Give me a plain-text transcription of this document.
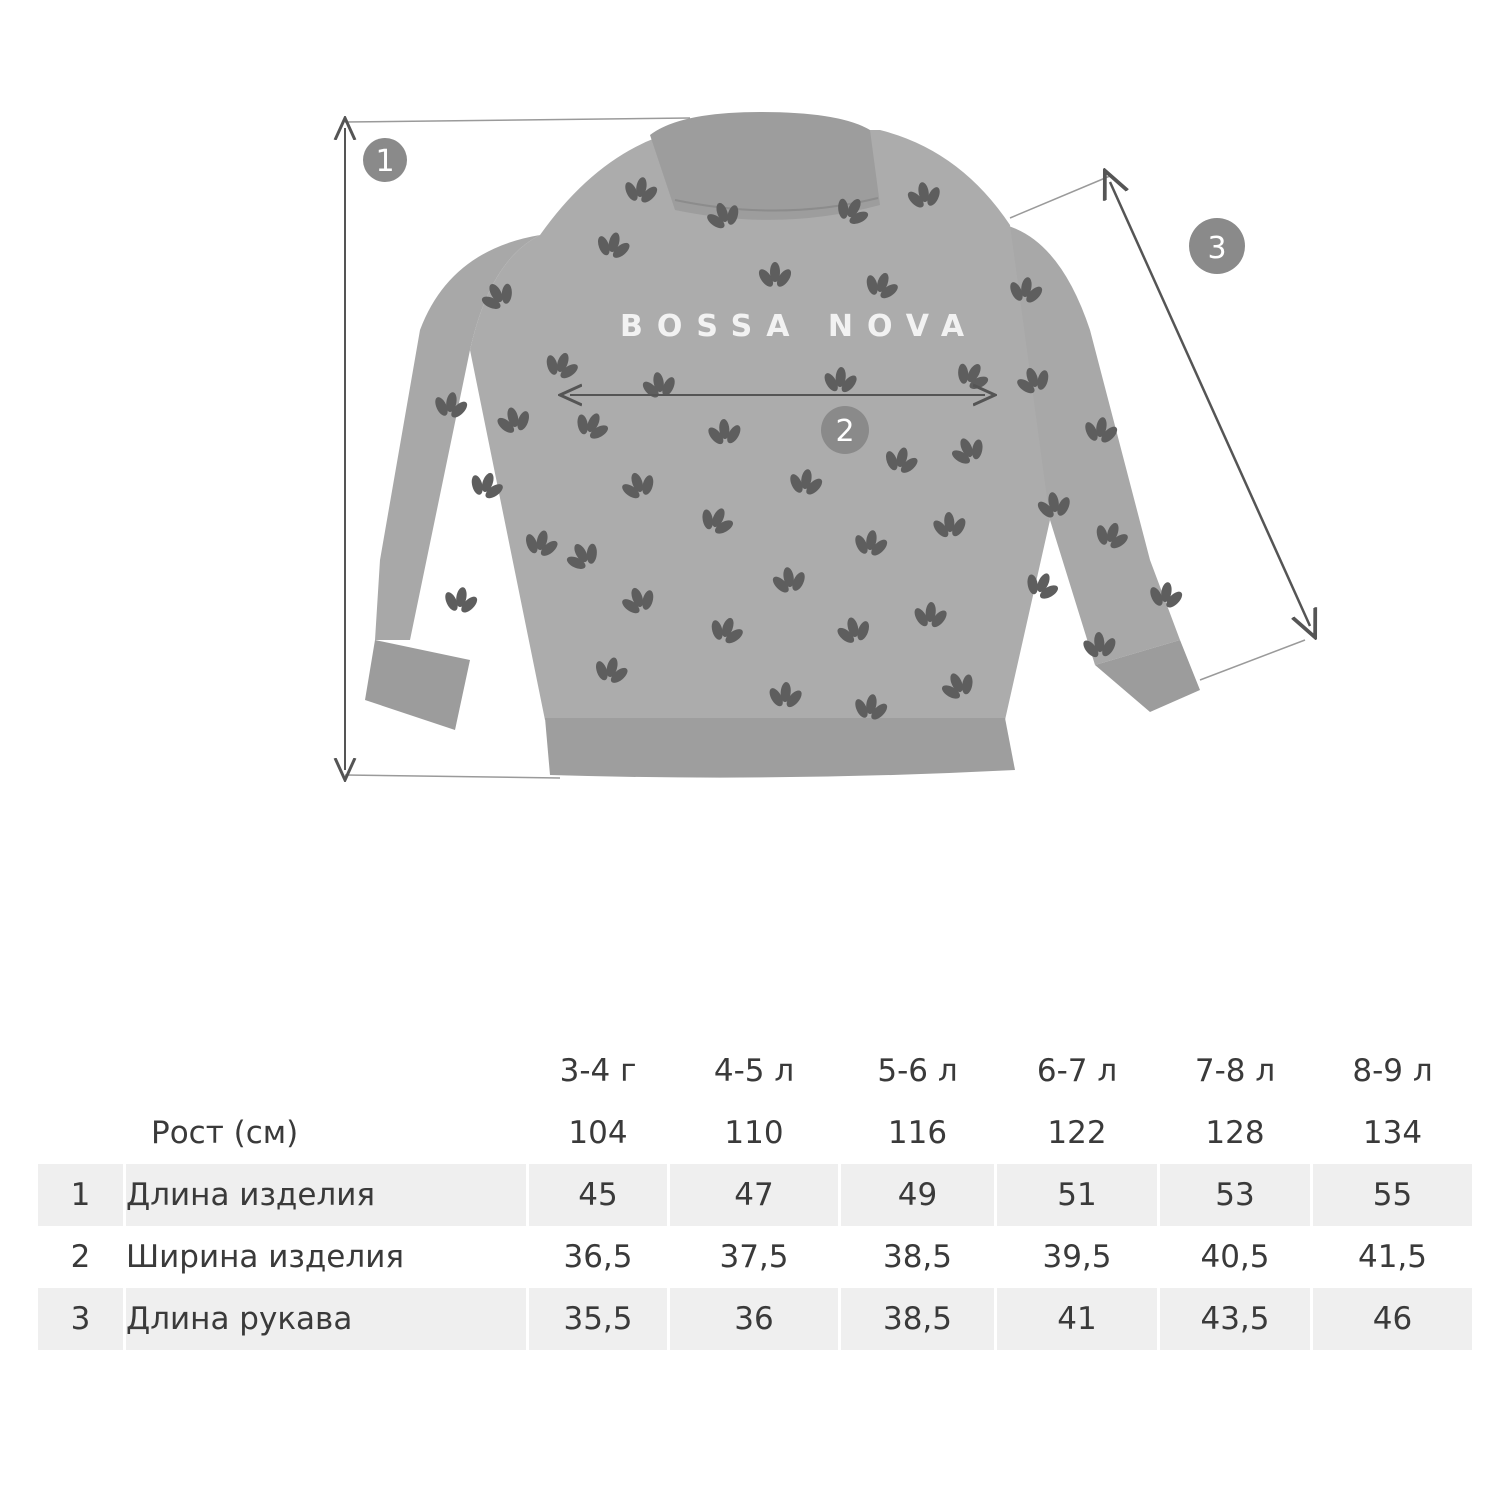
BOSSA NOVA
1
2
3
		3-4 г	4-5 л	5-6 л	6-7 л	7-8 л	8-9 л
	Рост (см)	104	110	116	122	128	134
1	Длина изделия	45	47	49	51	53	55
2	Ширина изделия	36,5	37,5	38,5	39,5	40,5	41,5
3	Длина рукава	35,5	36	38,5	41	43,5	46
